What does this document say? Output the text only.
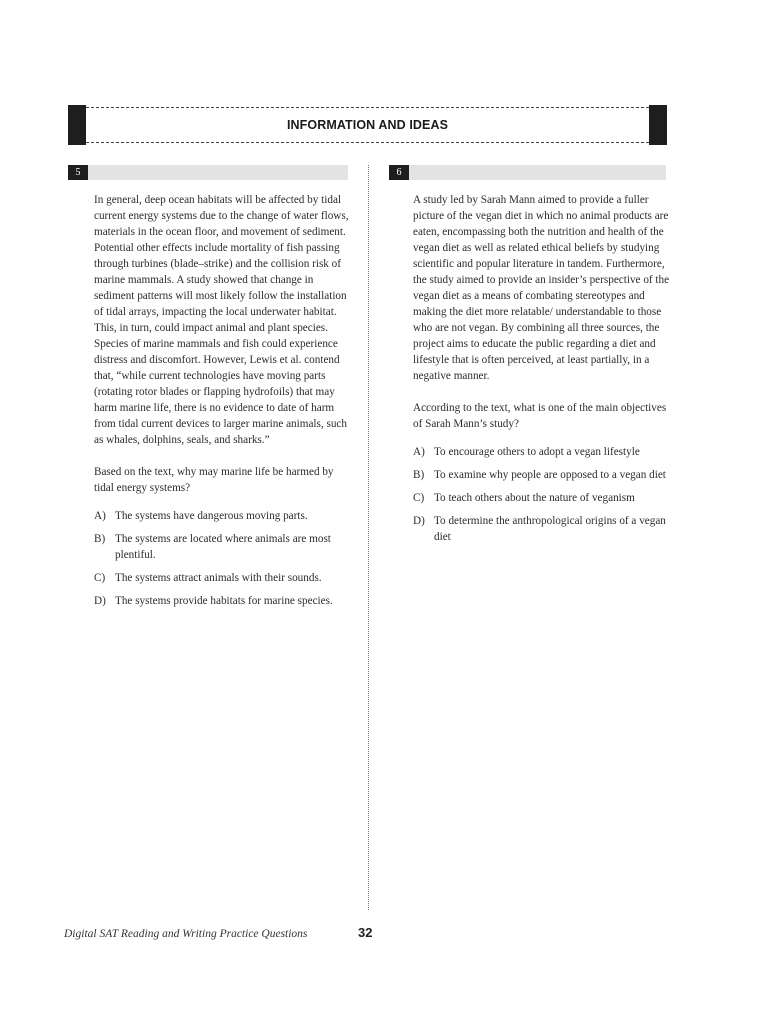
INFORMATION AND IDEAS
5	6

In general, deep ocean habitats will be affected by tidal current energy systems due to the change of water flows, materials in the ocean floor, and movement of sediment. Potential other effects include mortality of fish passing through turbines (blade–strike) and the collision risk of marine mammals. A study showed that change in sediment patterns will most likely follow the installation of tidal arrays, impacting the local underwater habitat. This, in turn, could impact animal and plant species. Species of marine mammals and fish could experience distress and discomfort. However, Lewis et al. contend that, “while current technologies have moving parts (rotating rotor blades or flapping hydrofoils) that may harm marine life, there is no evidence to date of harm from tidal current devices to larger marine animals, such as whales, dolphins, seals, and sharks.”

Based on the text, why may marine life be harmed by tidal energy systems?

A) The systems have dangerous moving parts.
B) The systems are located where animals are most plentiful.
C) The systems attract animals with their sounds.
D) The systems provide habitats for marine species.

A study led by Sarah Mann aimed to provide a fuller picture of the vegan diet in which no animal products are eaten, encompassing both the nutrition and health of the vegan diet as well as related ethical beliefs by studying scientific and popular literature in tandem. Furthermore, the study aimed to provide an insider’s perspective of the vegan diet as a means of combating stereotypes and making the diet more relatable/ understandable to those who are not vegan. By combining all three sources, the project aims to educate the public regarding a diet and lifestyle that is often perceived, at least partially, in a negative manner.

According to the text, what is one of the main objectives of Sarah Mann’s study?

A) To encourage others to adopt a vegan lifestyle
B) To examine why people are opposed to a vegan diet
C) To teach others about the nature of veganism
D) To determine the anthropological origins of a vegan diet
Digital SAT Reading and Writing Practice Questions	32
